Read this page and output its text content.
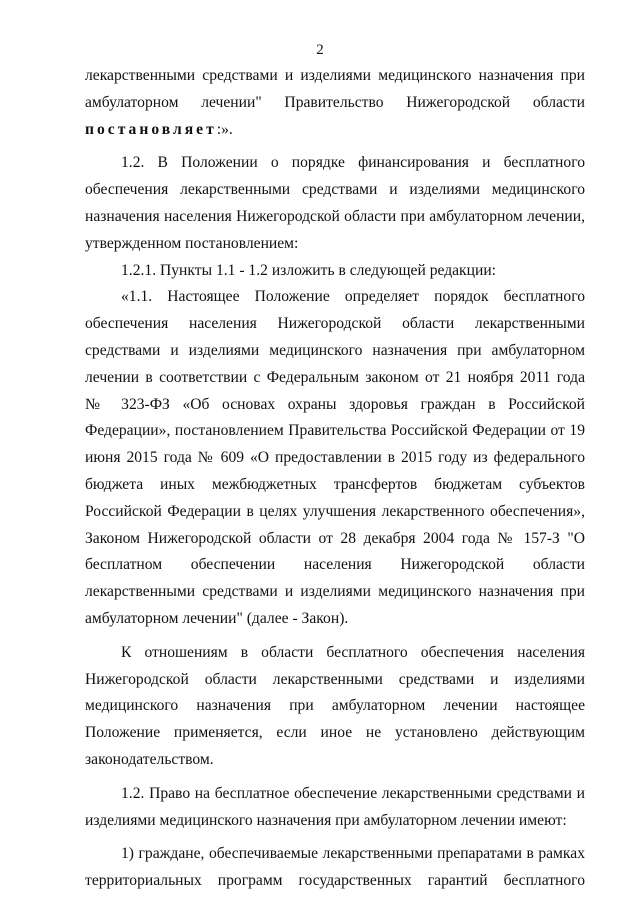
2
лекарственными средствами и изделиями медицинского назначения при
амбулаторном лечении" Правительство Нижегородской области
постановляет:».
1.2. В Положении о порядке финансирования и бесплатного
обеспечения лекарственными средствами и изделиями медицинского
назначения населения Нижегородской области при амбулаторном лечении,
утвержденном постановлением:
1.2.1. Пункты 1.1 - 1.2 изложить в следующей редакции:
«1.1. Настоящее Положение определяет порядок бесплатного
обеспечения населения Нижегородской области лекарственными
средствами и изделиями медицинского назначения при амбулаторном
лечении в соответствии с Федеральным законом от 21 ноября 2011 года
№ 323-ФЗ «Об основах охраны здоровья граждан в Российской
Федерации», постановлением Правительства Российской Федерации от 19
июня 2015 года № 609 «О предоставлении в 2015 году из федерального
бюджета иных межбюджетных трансфертов бюджетам субъектов
Российской Федерации в целях улучшения лекарственного обеспечения»,
Законом Нижегородской области от 28 декабря 2004 года № 157-З "О
бесплатном обеспечении населения Нижегородской области
лекарственными средствами и изделиями медицинского назначения при
амбулаторном лечении" (далее - Закон).
К отношениям в области бесплатного обеспечения населения
Нижегородской области лекарственными средствами и изделиями
медицинского назначения при амбулаторном лечении настоящее
Положение применяется, если иное не установлено действующим
законодательством.
1.2. Право на бесплатное обеспечение лекарственными средствами и
изделиями медицинского назначения при амбулаторном лечении имеют:
1) граждане, обеспечиваемые лекарственными препаратами в рамках
территориальных программ государственных гарантий бесплатного
